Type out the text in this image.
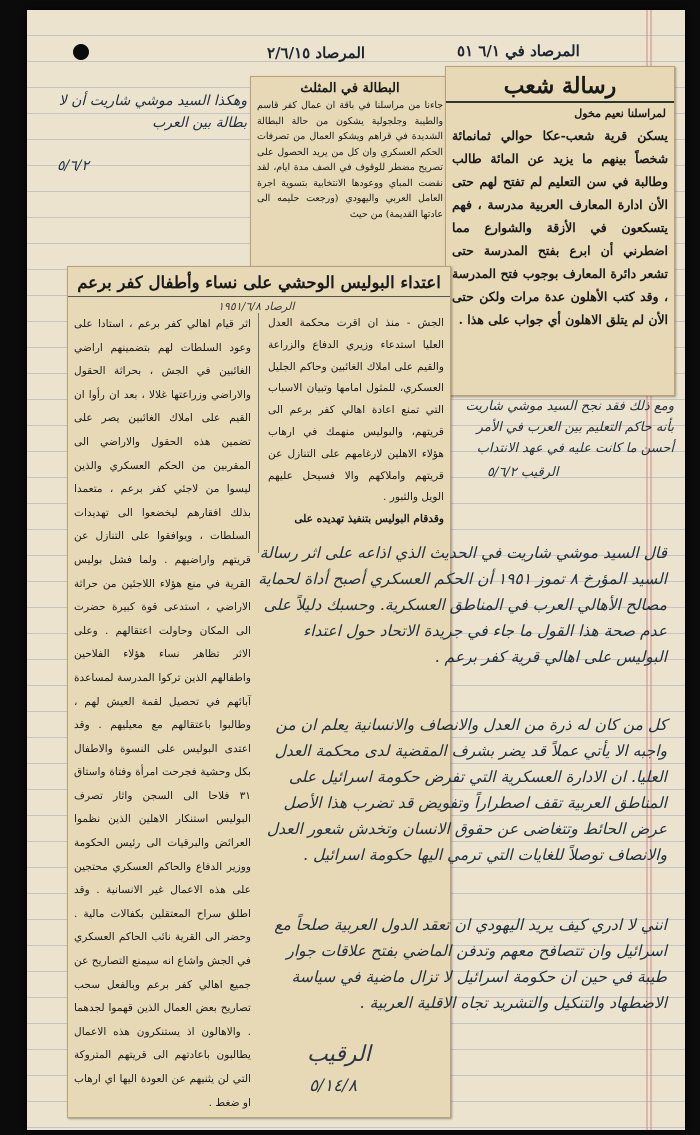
المرصاد ٢/٦/١٥	المرصاد في ٦/١ ٥١
وهكذا السيد موشي شاريت أن لا بطالة بين العرب
٥/٦/٢
البطالة في المثلث
جاءنا من مراسلنا في باقة ان عمال كفر قاسم والطيبة وجلجولية يشكون من حالة البطالة الشديدة في قراهم ويشكو العمال من تصرفات الحكم العسكري وان كل من يريد الحصول على تصريح مضطر للوقوف في الصف مدة ايام، لقد نقضت المباي ووعودها الانتخابية بتسوية اجرة العامل العربي واليهودي (ورجعت حليمه الى عادتها القديمة) من حيث
رسالة شعب
لمراسلنا نعيم مخول
يسكن قرية شعب-عكا حوالي ثمانمائة شخصاً بينهم ما يزيد عن المائة طالب وطالبة في سن التعليم لم تفتح لهم حتى الأن ادارة المعارف العربية مدرسة ، فهم يتسكعون في الأزقة والشوارع مما اضطرني أن ابرع بفتح المدرسة حتى تشعر دائرة المعارف بوجوب فتح المدرسة ، وقد كتب الأهلون عدة مرات ولكن حتى الأن لم يتلق الاهلون أي جواب على هذا .
اعتداء البوليس الوحشي على نساء وأطفال كفر برعم
الرصاد ١٩٥١/٦/٨
الجش - منذ ان اقرت محكمة العدل العليا استدعاء وزيري الدفاع والزراعة والقيم على املاك الغائبين وحاكم الجليل العسكري، للمثول امامها وتبيان الاسباب التي تمنع اعادة اهالي كفر برعم الى قريتهم، والبوليس منهمك في ارهاب هؤلاء الاهلين لارغامهم على التنازل عن قريتهم واملاكهم والا فسيحل عليهم الويل والثبور .
وقدقام البوليس بتنفيذ تهديده على
اثر قيام اهالي كفر برعم ، استادا على وعود السلطات لهم بتضمينهم اراضي الغائبين في الجش ، بحراثة الحقول والاراضي وزراعتها غلالا ، بعد ان رأوا ان القيم على املاك الغائبين يصر على تضمين هذه الحقول والاراضي الى المقربين من الحكم العسكري والذين ليسوا من لاجئي كفر برعم ، متعمدا بذلك افقارهم ليخضعوا الى تهديدات السلطات ، ويوافقوا على التنازل عن قريتهم واراضيهم . ولما فشل بوليس القرية في منع هؤلاء اللاجئين من حراثة الاراضي ، استدعى قوة كبيرة حضرت الى المكان وحاولت اعتقالهم . وعلى الاثر تظاهر نساء هؤلاء الفلاحين واطفالهم الذين تركوا المدرسة لمساعدة آبائهم في تحصيل لقمة العيش لهم ، وطالبوا باعتقالهم مع معيليهم . وقد اعتدى البوليس على النسوة والاطفال بكل وحشية فجرحت امرأة وفتاة واستاق ٣١ فلاحا الى السجن واثار تصرف البوليس استنكار الاهلين الذين نظموا العرائض والبرقيات الى رئيس الحكومة ووزير الدفاع والحاكم العسكري محتجين على هذه الاعمال غير الانسانية . وقد اطلق سراح المعتقلين بكفالات مالية . وحضر الى القرية نائب الحاكم العسكري في الجش واشاع انه سيمنع التصاريح عن جميع اهالي كفر برعم وبالفعل سحب تصاريح بعض العمال الذين قهموا لجدهما . والاهالون اذ يستنكرون هذه الاعمال يطالبون باعادتهم الى قريتهم المتروكة التي لن يثنيهم عن العودة اليها اي ارهاب او ضغط .
ومع ذلك فقد نجح السيد موشي شاريت بأنه حاكم التعليم بين العرب في الأمر أحسن ما كانت عليه في عهد الانتداب
الرقيب ٥/٦/٢
قال السيد موشي شاريت في الحديث الذي اذاعه على اثر رسالة السيد المؤرخ ٨ تموز ١٩٥١ أن الحكم العسكري أصبح أداة لحماية مصالح الأهالي العرب في المناطق العسكرية. وحسبك دليلاً على عدم صحة هذا القول ما جاء في جريدة الاتحاد حول اعتداء البوليس على اهالي قرية كفر برعم .
كل من كان له ذرة من العدل والانصاف والانسانية يعلم ان من واجبه الا يأتي عملاً قد يضر بشرف المقضية لدى محكمة العدل العليا. ان الادارة العسكرية التي تفرض حكومة اسرائيل على المناطق العربية تقف اصطراراً وتفويض قد تضرب هذا الأصل عرض الحائط وتتغاضى عن حقوق الانسان وتخدش شعور العدل والانصاف توصلاً للغايات التي ترمي اليها حكومة اسرائيل .
انني لا ادري كيف يريد اليهودي ان تعقد الدول العربية صلحاً مع اسرائيل وان تتصافح معهم وتدفن الماضي بفتح علاقات جوار طيبة في حين ان حكومة اسرائيل لا تزال ماضية في سياسة الاضطهاد والتنكيل والتشريد تجاه الاقلية العربية .
الرقيب
٥/١٤/٨
